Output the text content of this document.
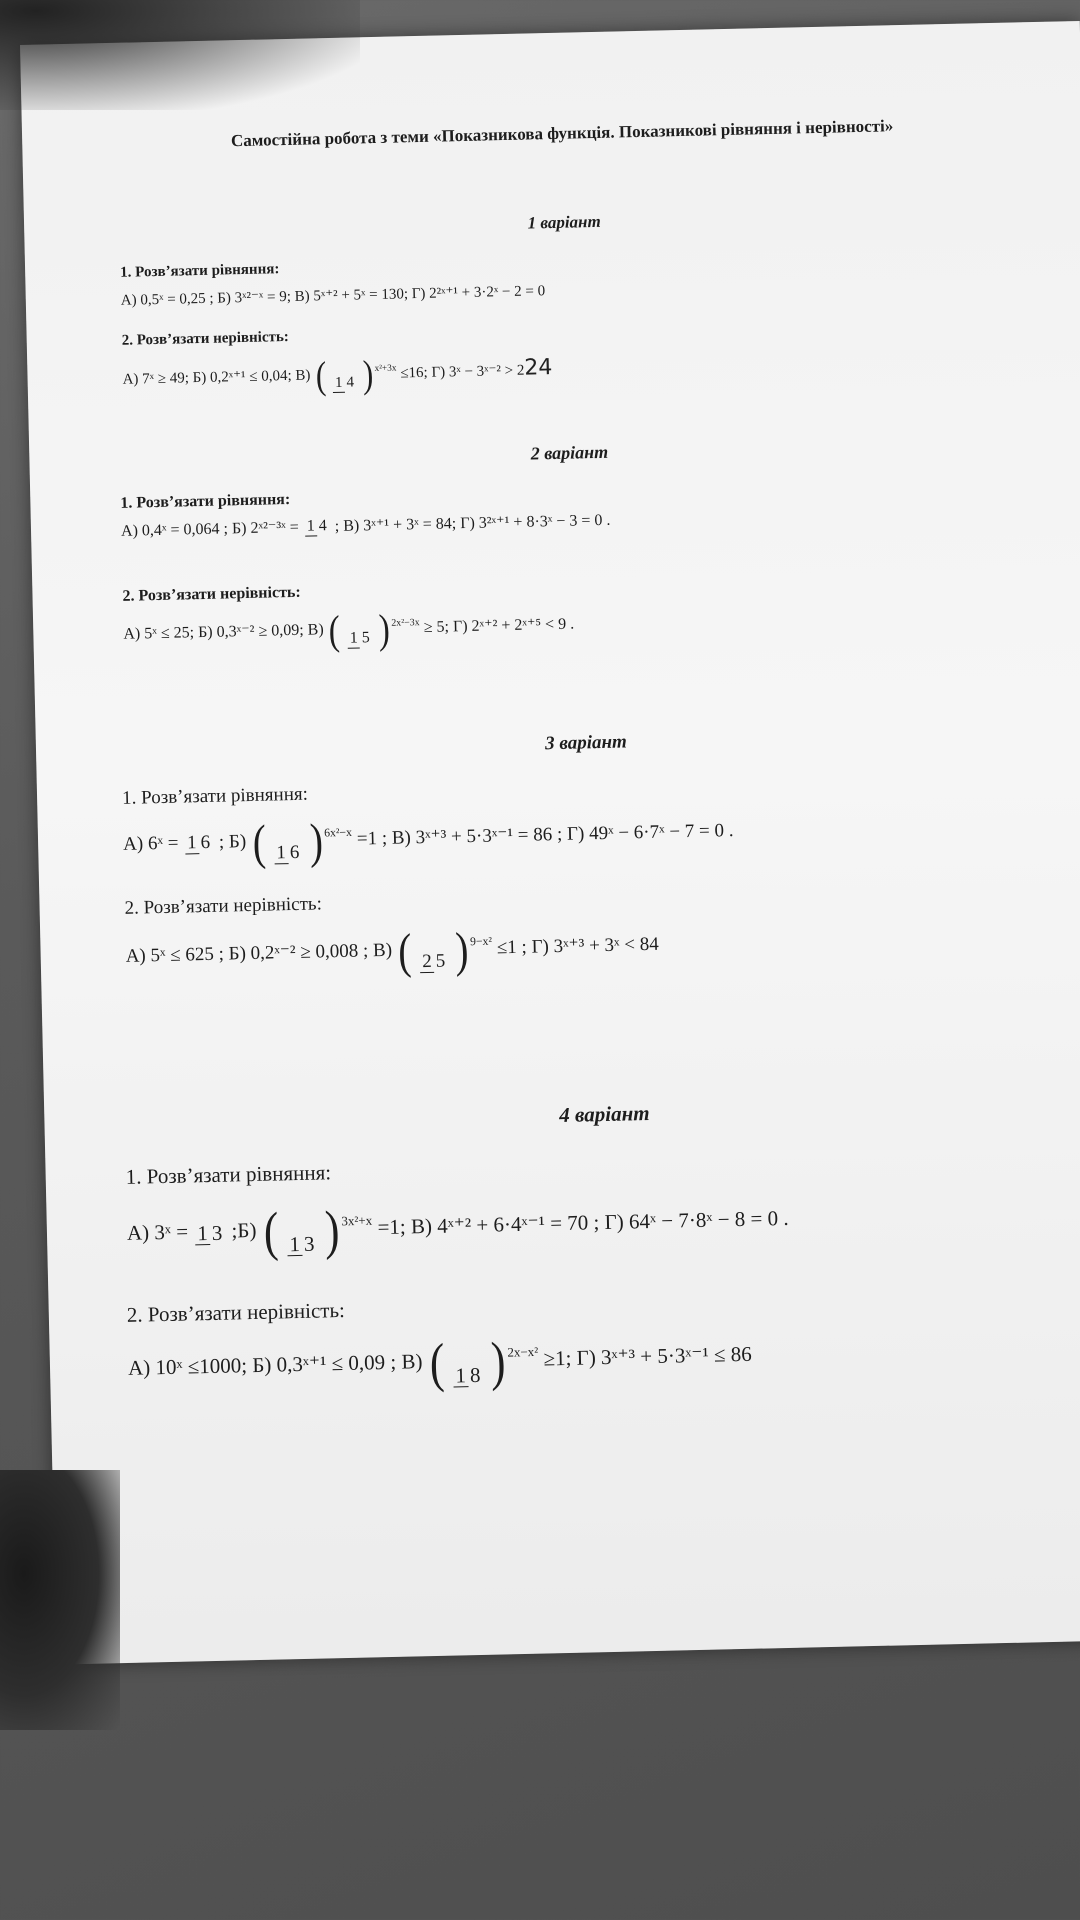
Самостійна робота з теми «Показникова функція. Показникові рівняння і нерівності»
1 варіант
1. Розв’язати рівняння:
А) 0,5ˣ = 0,25 ; Б) 3ˣ²⁻ˣ = 9; В) 5ˣ⁺² + 5ˣ = 130; Г) 2²ˣ⁺¹ + 3·2ˣ − 2 = 0
2. Розв’язати нерівність:
А) 7ˣ ≥ 49; Б) 0,2ˣ⁺¹ ≤ 0,04; В) ( 1 4 )$^{x^2+3x}$ ≤16; Г) 3ˣ − 3ˣ⁻² > 224
2 варіант
1. Розв’язати рівняння:
А) 0,4ˣ = 0,064 ; Б) 2ˣ²⁻³ˣ = 1 4 ; В) 3ˣ⁺¹ + 3ˣ = 84; Г) 3²ˣ⁺¹ + 8·3ˣ − 3 = 0 .
2. Розв’язати нерівність:
А) 5ˣ ≤ 25; Б) 0,3ˣ⁻² ≥ 0,09; В) ( 1 5 )$^{2x^2-3x}$ ≥ 5; Г) 2ˣ⁺² + 2ˣ⁺⁵ < 9 .
3 варіант
1. Розв’язати рівняння:
А) 6ˣ = 1 6 ; Б) ( 1 6 )$^{6x^2-x}$ =1 ; В) 3ˣ⁺³ + 5·3ˣ⁻¹ = 86 ; Г) 49ˣ − 6·7ˣ − 7 = 0 .
2. Розв’язати нерівність:
А) 5ˣ ≤ 625 ; Б) 0,2ˣ⁻² ≥ 0,008 ; В) ( 2 5 )$^{9-x^2}$ ≤1 ; Г) 3ˣ⁺³ + 3ˣ < 84
4 варіант
1. Розв’язати рівняння:
А) 3ˣ = 1 3 ;Б) ( 1 3 )$^{3x^2+x}$ =1; В) 4ˣ⁺² + 6·4ˣ⁻¹ = 70 ; Г) 64ˣ − 7·8ˣ − 8 = 0 .
2. Розв’язати нерівність:
А) 10ˣ ≤1000; Б) 0,3ˣ⁺¹ ≤ 0,09 ; В) ( 1 8 )$^{2x-x^2}$ ≥1; Г) 3ˣ⁺³ + 5·3ˣ⁻¹ ≤ 86
